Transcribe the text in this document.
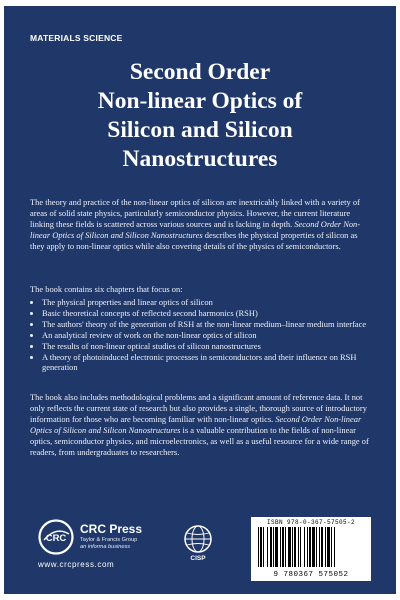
MATERIALS SCIENCE
Second Order
Non-linear Optics of
Silicon and Silicon
Nanostructures
The theory and practice of the non-linear optics of silicon are inextricably linked with a variety of areas of solid state physics, particularly semiconductor physics. However, the current literature linking these fields is scattered across various sources and is lacking in depth. Second Order Non-linear Optics of Silicon and Silicon Nanostructures describes the physical properties of silicon as they apply to non-linear optics while also covering details of the physics of semiconductors.
The book contains six chapters that focus on:
• The physical properties and linear optics of silicon
• Basic theoretical concepts of reflected second harmonics (RSH)
• The authors' theory of the generation of RSH at the non-linear medium–linear medium interface
• An analytical review of work on the non-linear optics of silicon
• The results of non-linear optical studies of silicon nanostructures
• A theory of photoinduced electronic processes in semiconductors and their influence on RSH generation
The book also includes methodological problems and a significant amount of reference data. It not only reflects the current state of research but also provides a single, thorough source of introductory information for those who are becoming familiar with non-linear optics. Second Order Non-linear Optics of Silicon and Silicon Nanostructures is a valuable contribution to the fields of non-linear optics, semiconductor physics, and microelectronics, as well as a useful resource for a wide range of readers, from undergraduates to researchers.
CRC
CRC Press
Taylor & Francis Group
an informa business
www.crcpress.com
CISP
ISBN 978-0-367-57505-2
9 780367 575052
